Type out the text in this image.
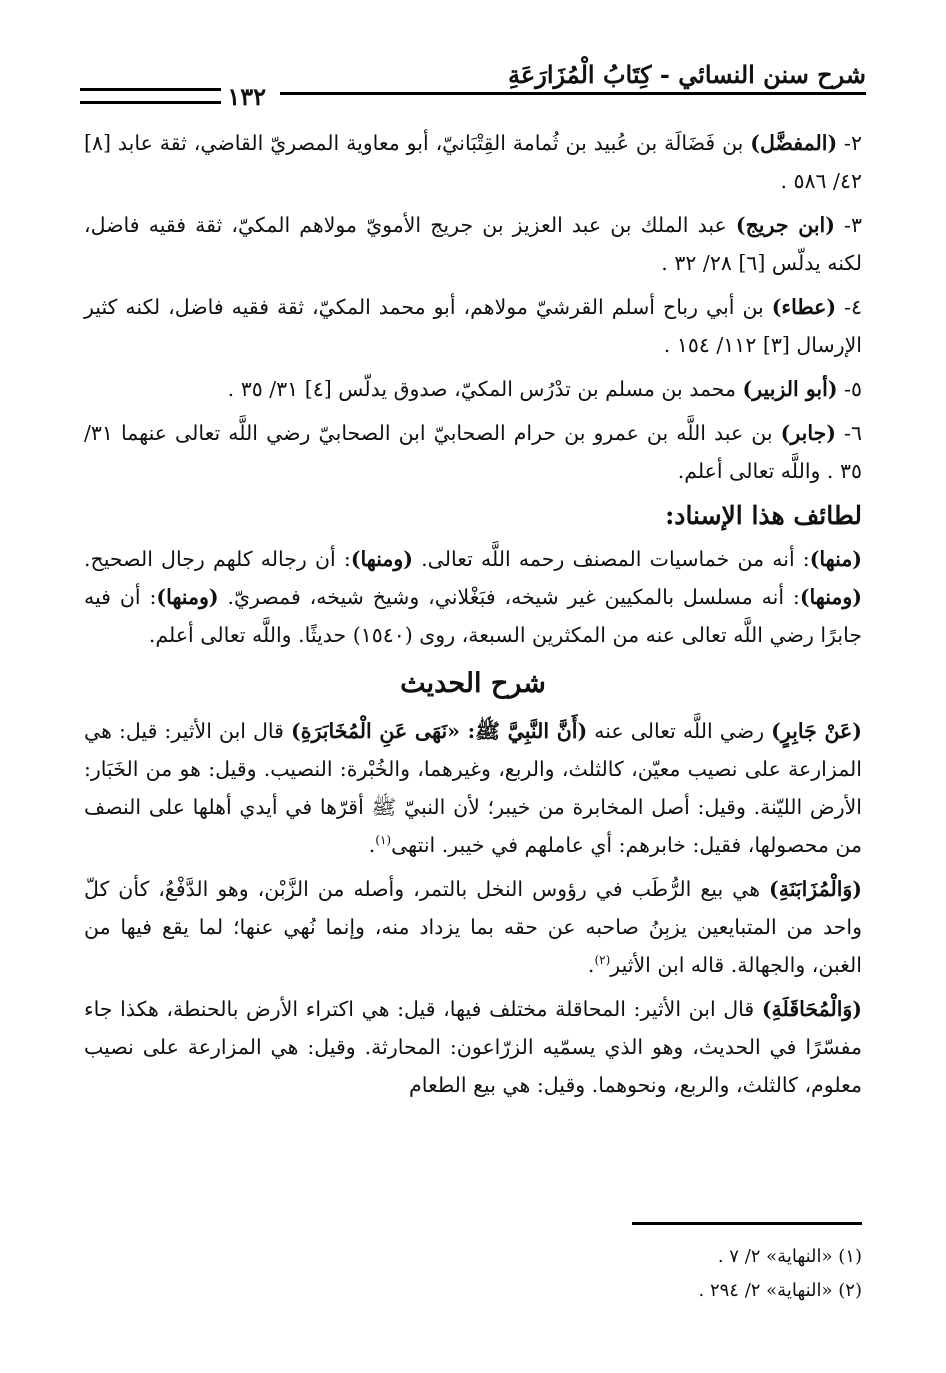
شرح سنن النسائي - كِتَابُ الْمُزَارَعَةِ
١٣٢

٢- (المفضَّل) بن فَضَالَة بن عُبيد بن ثُمامة القِتْبَانيّ، أبو معاوية المصريّ القاضي، ثقة عابد [٨] ٤٢/ ٥٨٦ .

٣- (ابن جريج) عبد الملك بن عبد العزيز بن جريج الأمويّ مولاهم المكيّ، ثقة فقيه فاضل، لكنه يدلّس [٦] ٢٨/ ٣٢ .

٤- (عطاء) بن أبي رباح أسلم القرشيّ مولاهم، أبو محمد المكيّ، ثقة فقيه فاضل، لكنه كثير الإرسال [٣] ١١٢/ ١٥٤ .

٥- (أبو الزبير) محمد بن مسلم بن تدْرُس المكيّ، صدوق يدلّس [٤] ٣١/ ٣٥ .

٦- (جابر) بن عبد اللَّه بن عمرو بن حرام الصحابيّ ابن الصحابيّ رضي اللَّه تعالى عنهما ٣١/ ٣٥ . واللَّه تعالى أعلم.

لطائف هذا الإسناد:

(منها): أنه من خماسيات المصنف رحمه اللَّه تعالى. (ومنها): أن رجاله كلهم رجال الصحيح. (ومنها): أنه مسلسل بالمكيين غير شيخه، فبَغْلاني، وشيخ شيخه، فمصريّ. (ومنها): أن فيه جابرًا رضي اللَّه تعالى عنه من المكثرين السبعة، روى (١٥٤٠) حديثًا. واللَّه تعالى أعلم.

شرح الحديث

(عَنْ جَابِرٍ) رضي اللَّه تعالى عنه (أَنَّ النَّبِيَّ ﷺ: «نَهَى عَنِ الْمُخَابَرَةِ) قال ابن الأثير: قيل: هي المزارعة على نصيب معيّن، كالثلث، والربع، وغيرهما، والخُبْرة: النصيب. وقيل: هو من الخَبَار: الأرض الليّنة. وقيل: أصل المخابرة من خيبر؛ لأن النبيّ ﷺ أقرّها في أيدي أهلها على النصف من محصولها، فقيل: خابرهم: أي عاملهم في خيبر. انتهى$^{(١)}$.

(وَالْمُزَابَنَةِ) هي بيع الرُّطَب في رؤوس النخل بالتمر، وأصله من الزَّبْن، وهو الدَّفْعُ، كأن كلّ واحد من المتبايعين يزبِنُ صاحبه عن حقه بما يزداد منه، وإنما نُهي عنها؛ لما يقع فيها من الغبن، والجهالة. قاله ابن الأثير$^{(٢)}$.

(وَالْمُحَاقَلَةِ) قال ابن الأثير: المحاقلة مختلف فيها، قيل: هي اكتراء الأرض بالحنطة، هكذا جاء مفسّرًا في الحديث، وهو الذي يسمّيه الزرّاعون: المحارثة. وقيل: هي المزارعة على نصيب معلوم، كالثلث، والربع، ونحوهما. وقيل: هي بيع الطعام

(١) «النهاية» ٢/ ٧ .
(٢) «النهاية» ٢/ ٢٩٤ .
